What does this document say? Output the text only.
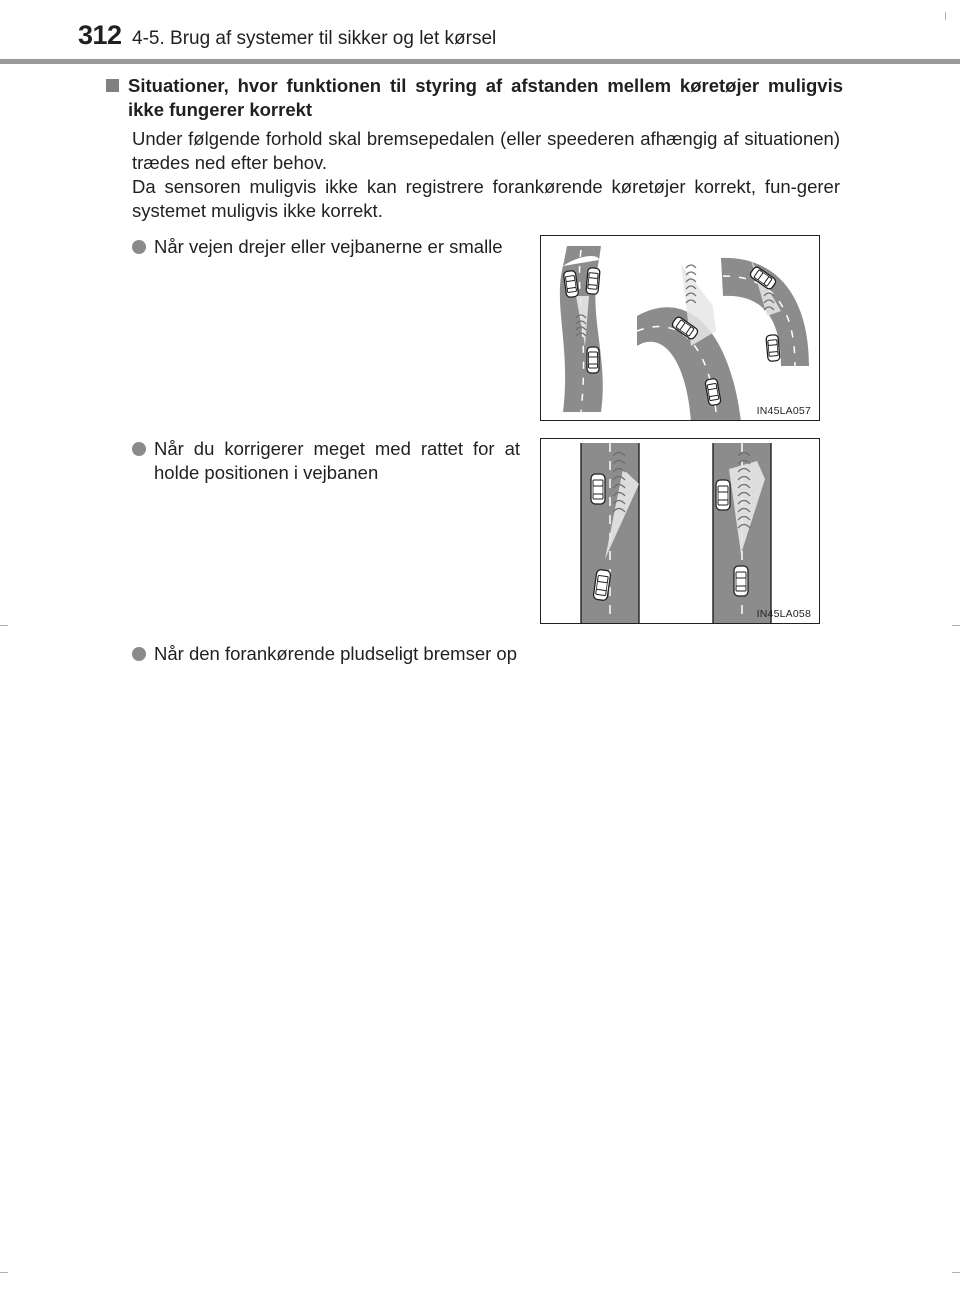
312 4-5. Brug af systemer til sikker og let kørsel
Situationer, hvor funktionen til styring af afstanden mellem køretøjer muligvis ikke fungerer korrekt

Under følgende forhold skal bremsepedalen (eller speederen afhængig af situationen) trædes ned efter behov.

Da sensoren muligvis ikke kan registrere forankørende køretøjer korrekt, fun-gerer systemet muligvis ikke korrekt.

Når vejen drejer eller vejbanerne er smalle
IN45LA057
Når du korrigerer meget med rattet for at holde positionen i vejbanen
IN45LA058
Når den forankørende pludseligt bremser op
